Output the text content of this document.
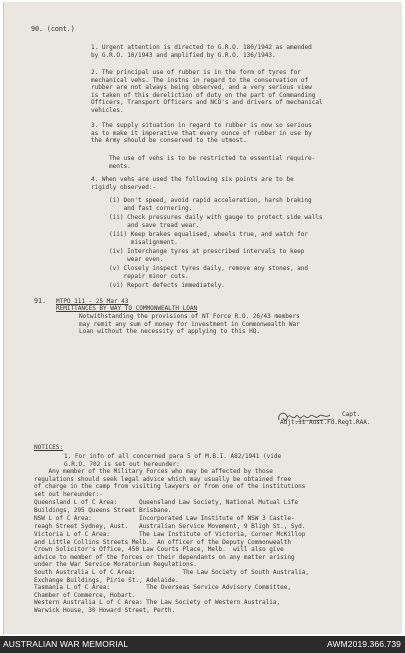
90. (cont.)
1. Urgent attention is directed to G.R.O. 180/1942 as amended
by G.R.O. 10/1943 and amplified by G.R.O. 136/1943.
2. The principal use of rubber is in the form of tyres for
mechanical vehs. The instns in regard to the conservation of
rubber are not always being observed, and a very serious view
is taken of this dereliction of duty on the part of Commanding
Officers, Transport Officers and NCO's and drivers of mechanical
vehicles.
3. The supply situation in regard to rubber is now so serious
as to make it imperative that every ounce of rubber in use by
the Army should be conserved to the utmost.
The use of vehs is to be restricted to essential require-
ments.
4. When vehs are used the following six points are to be
rigidly observed:-
(i) Don't speed, avoid rapid acceleration, harsh braking
and fast cornering.
(ii) Check pressures daily with gauge to protect side walls
and save tread wear.
(iii) Keep brakes equalised, wheels true, and watch for
misalignment.
(iv) Interchange tyres at prescribed intervals to keep
wear even.
(v) Closely inspect tyres daily, remove any stones, and
repair minor cuts.
(vi) Report defects immediately.
91. MTPO 111 - 25 Mar 43
REMITTANCES BY WAY TO COMMONWEALTH LOAN
Notwithstanding the provisions of NT Force R.O. 26/43 members
may remit any sum of money for investment in Commonwealth War
Loan without the necessity of applying to this HQ.
Capt.
Adjt.11 Aust.Fd.Regt.RAA.
NOTICES:
1. For infn of all concerned para 5 of M.B.I. A82/1941 (vide
G.R.O. 702 is set out hereunder:
Any member of the Military Forces who may be affected by those
regulations should seek legal advice which may usually be obtained free
of charge in the camp from visiting lawyers or from one of the institutions
set out hereunder:-
Queensland L of C Area:      Queensland Law Society, National Mutual Life
Buildings, 295 Queens Street Brisbane.
NSW L of C Area:             Incorporated Law Institute of NSW 3 Castle-
reagh Street Sydney, Aust.   Australian Service Movement, 9 Bligh St., Syd.
Victoria L of C Area:        The Law Institute of Victoria, Corner McKillop
and Little Collins Streets Melb.  An officer of the Deputy Commonwealth
Crown Solicitor's Office, 450 Law Courts Place, Melb.  will also give
advice to member of the forces or their dependants on any matter arising
under the War Service Moratorium Regulations.
South Australia L of C Area:             The Law Society of South Australia,
Exchange Buildings, Pirie St., Adelaide.
Tasmania L of C Area:          The Overseas Service Advisory Committee,
Chamber of Commerce, Hobart.
Western Australia L of C Area: The Law Society of Western Australia,
Warwick House, 30 Howard Street, Perth.
AUSTRALIAN WAR MEMORIAL	AWM2019.366.739
